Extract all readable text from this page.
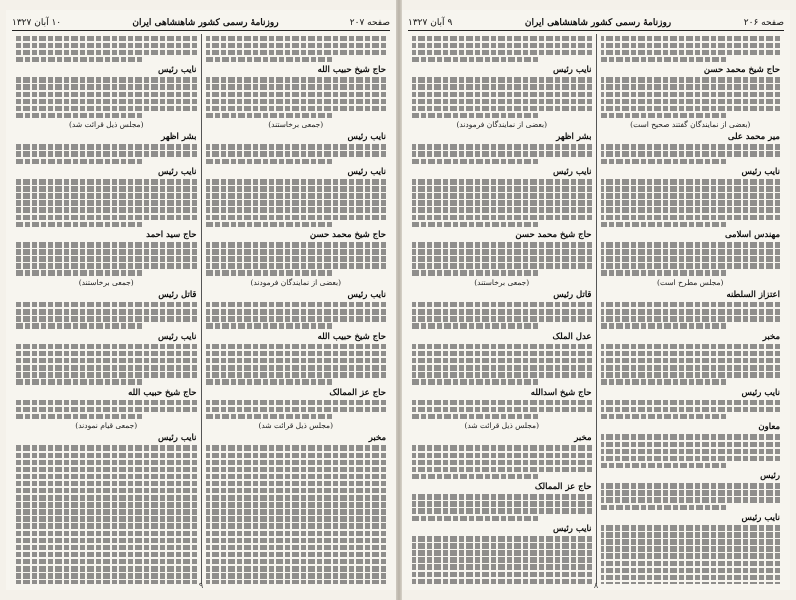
صفحه ۲۰۶
روزنامهٔ رسمی کشور شاهنشاهی ایران
۹ آبان ۱۳۲۷
حاج شیخ محمد حسن
(بعضی از نمایندگان گفتند صحیح است)
میر محمد علی
نایب رئیس
مهندس اسلامی
(مجلس مطرح است)
اعتزاز السلطنه
مخبر
نایب رئیس
معاون
رئیس
نایب رئیس
نایب رئیس
(بعضی از نمایندگان فرمودند)
بشر اظهر
نایب رئیس
حاج شیخ محمد حسن
(جمعی برخاستند)
قاتل رئیس
عدل الملک
حاج شیخ اسدالله
(مجلس ذیل قرائت شد)
مخبر
حاج عز الممالک
نایب رئیس
۸
صفحه ۲۰۷
روزنامهٔ رسمی کشور شاهنشاهی ایران
۱۰ آبان ۱۳۲۷
حاج شیخ حبیب الله
(جمعی برخاستند)
نایب رئیس
نایب رئیس
حاج شیخ محمد حسن
(بعضی از نمایندگان فرمودند)
نایب رئیس
حاج شیخ حبیب الله
حاج عز الممالک
(مجلس ذیل قرائت شد)
مخبر
نایب رئیس
(مجلس ذیل قرائت شد)
بشر اظهر
نایب رئیس
حاج سید احمد
(جمعی برخاستند)
قاتل رئیس
نایب رئیس
حاج شیخ حبیب الله
(جمعی قیام نمودند)
نایب رئیس
۹
